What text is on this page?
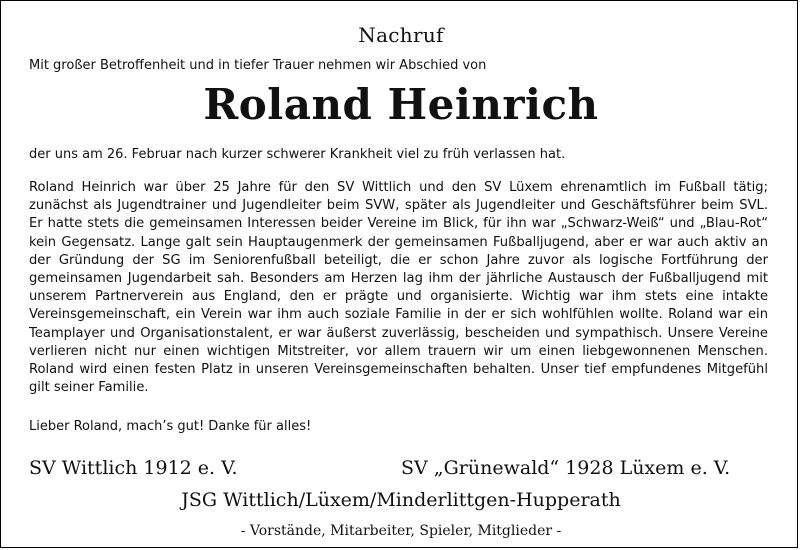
Nachruf
Mit großer Betroffenheit und in tiefer Trauer nehmen wir Abschied von
Roland Heinrich
der uns am 26. Februar nach kurzer schwerer Krankheit viel zu früh verlassen hat.
Roland Heinrich war über 25 Jahre für den SV Wittlich und den SV Lüxem ehrenamtlich im Fußball tätig; zunächst als Jugendtrainer und Jugendleiter beim SVW, später als Jugendleiter und Geschäftsführer beim SVL. Er hatte stets die gemeinsamen Interessen beider Vereine im Blick, für ihn war „Schwarz-Weiß“ und „Blau-Rot“ kein Gegensatz. Lange galt sein Hauptaugenmerk der gemeinsamen Fußballjugend, aber er war auch aktiv an der Gründung der SG im Seniorenfußball beteiligt, die er schon Jahre zuvor als logische Fortführung der gemeinsamen Jugendarbeit sah. Besonders am Herzen lag ihm der jährliche Austausch der Fußballjugend mit unserem Partnerverein aus England, den er prägte und organisierte. Wichtig war ihm stets eine intakte Vereinsgemeinschaft, ein Verein war ihm auch soziale Familie in der er sich wohlfühlen wollte. Roland war ein Teamplayer und Organisationstalent, er war äußerst zuverlässig, bescheiden und sympathisch. Unsere Vereine verlieren nicht nur einen wichtigen Mitstreiter, vor allem trauern wir um einen liebgewonnenen Menschen. Roland wird einen festen Platz in unseren Vereinsgemeinschaften behalten. Unser tief empfundenes Mitgefühl gilt seiner Familie.
Lieber Roland, mach’s gut! Danke für alles!
SV Wittlich 1912 e. V.	SV „Grünewald“ 1928 Lüxem e. V.
JSG Wittlich/Lüxem/Minderlittgen-Hupperath
- Vorstände, Mitarbeiter, Spieler, Mitglieder -
